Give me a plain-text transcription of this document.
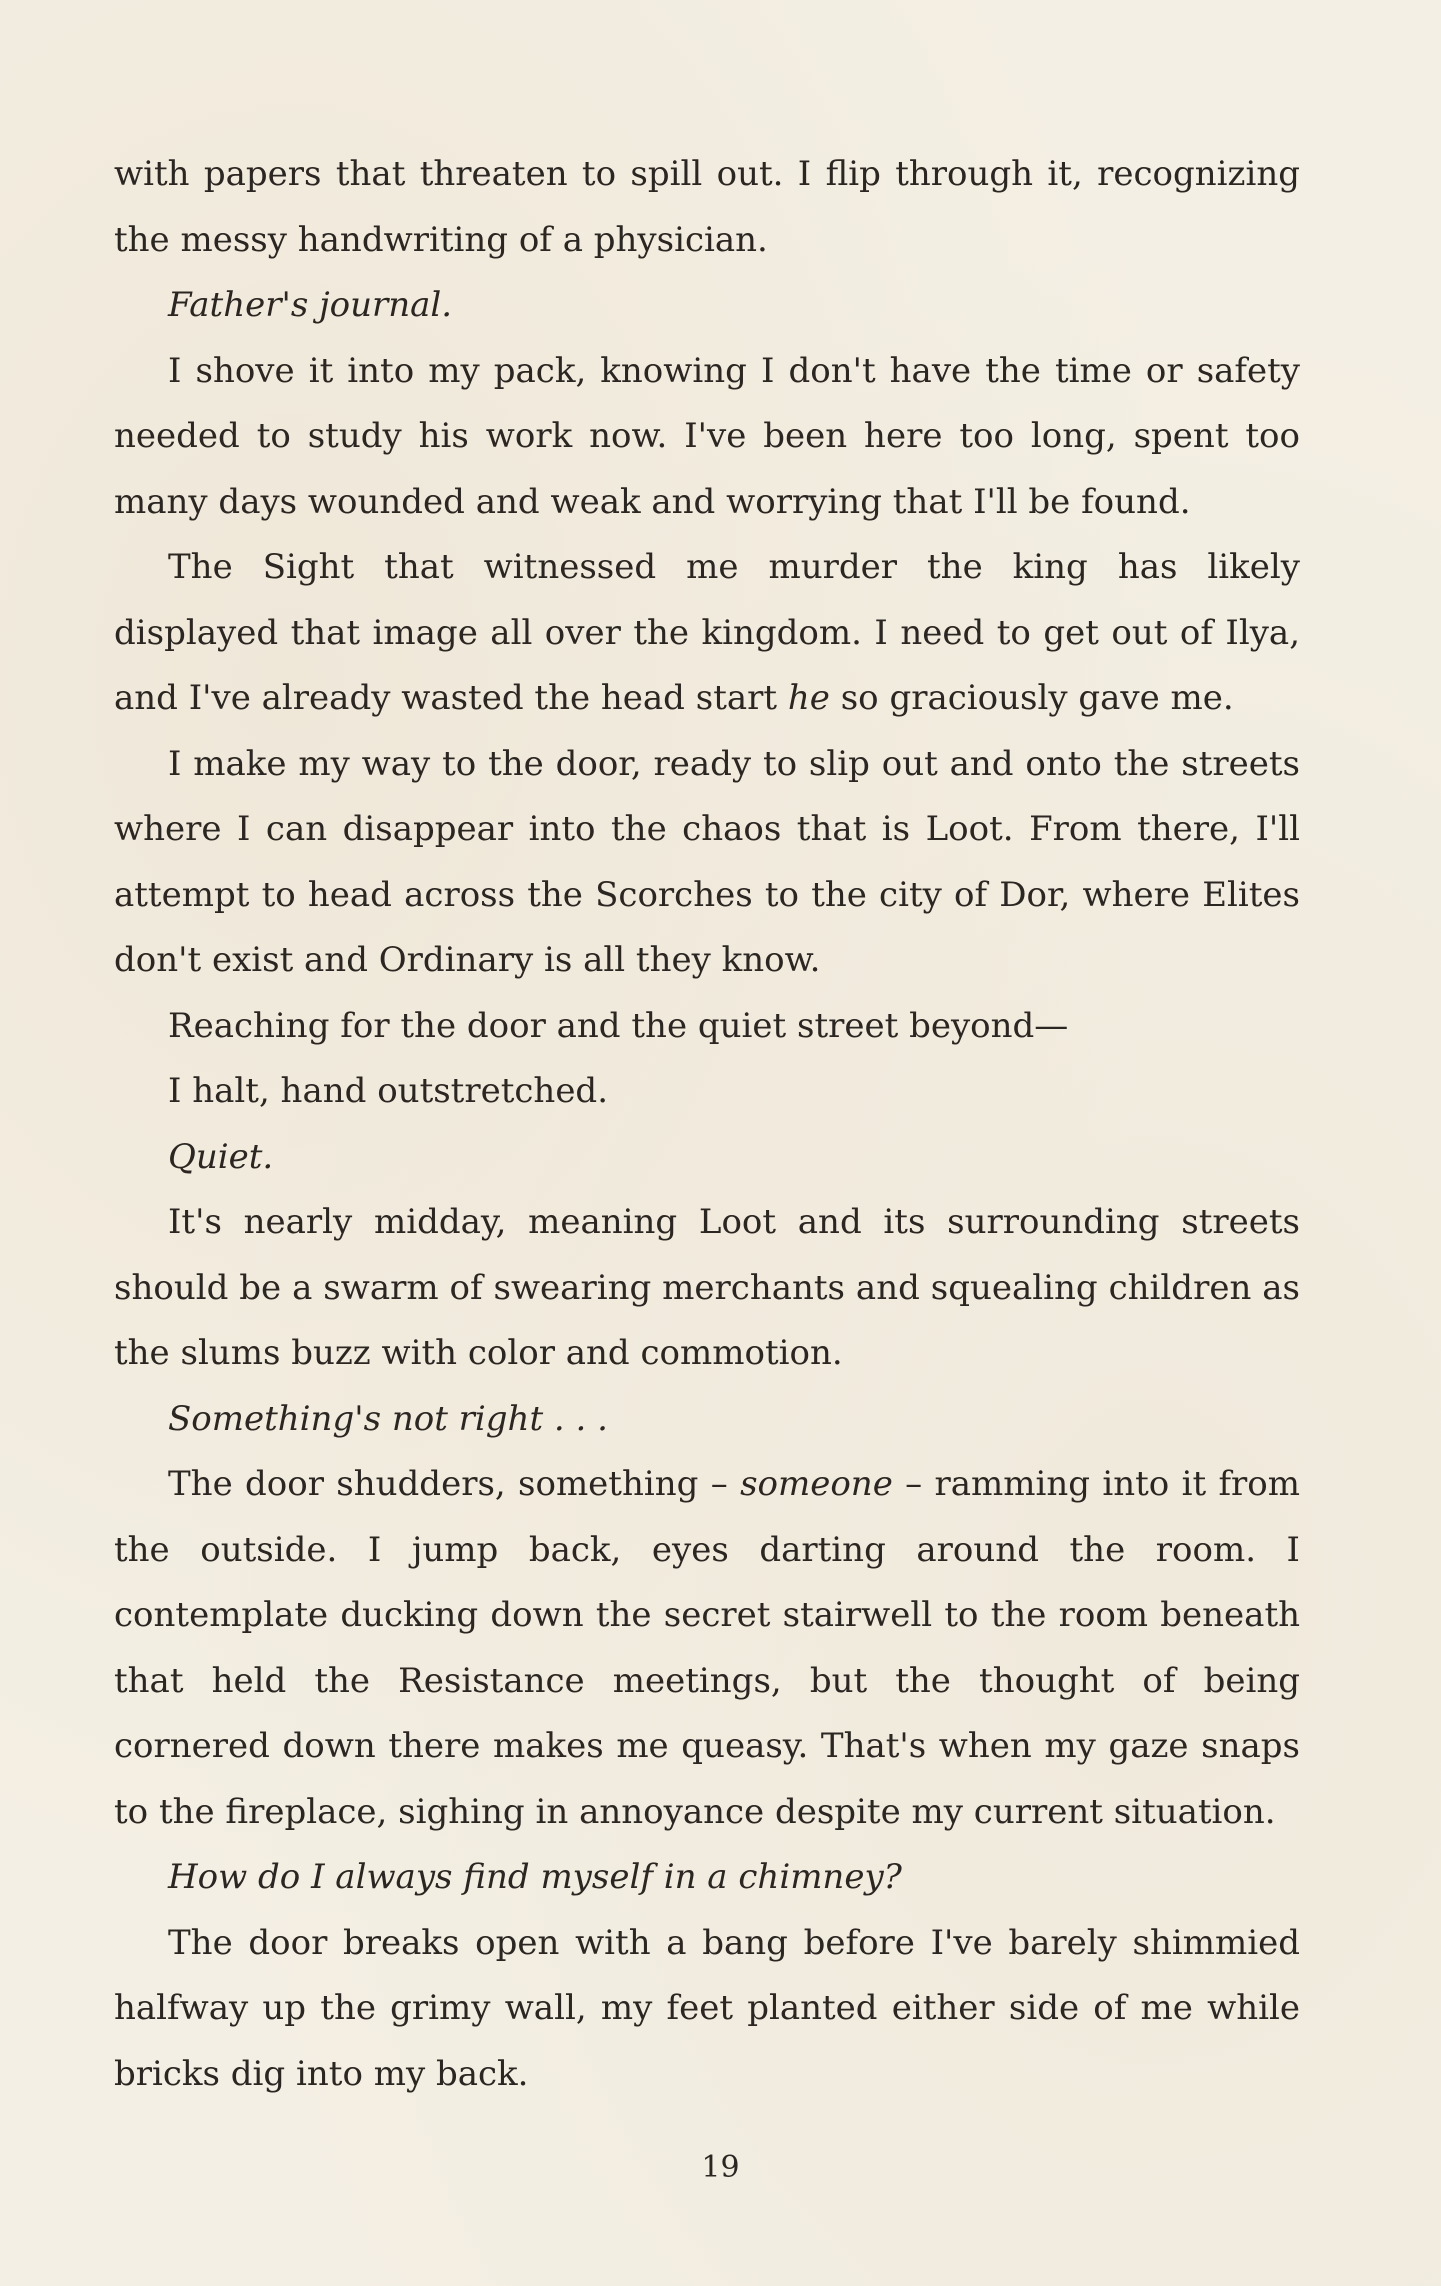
with papers that threaten to spill out. I flip through it, recognizing the messy handwriting of a physician.

Father's journal.

I shove it into my pack, knowing I don't have the time or safety needed to study his work now. I've been here too long, spent too many days wounded and weak and worrying that I'll be found.

The Sight that witnessed me murder the king has likely displayed that image all over the kingdom. I need to get out of Ilya, and I've already wasted the head start he so graciously gave me.

I make my way to the door, ready to slip out and onto the streets where I can disappear into the chaos that is Loot. From there, I'll attempt to head across the Scorches to the city of Dor, where Elites don't exist and Ordinary is all they know.

Reaching for the door and the quiet street beyond—

I halt, hand outstretched.

Quiet.

It's nearly midday, meaning Loot and its surrounding streets should be a swarm of swearing merchants and squealing children as the slums buzz with color and commotion.

Something's not right . . .

The door shudders, something – someone – ramming into it from the outside. I jump back, eyes darting around the room. I contemplate ducking down the secret stairwell to the room beneath that held the Resistance meetings, but the thought of being cornered down there makes me queasy. That's when my gaze snaps to the fireplace, sighing in annoyance despite my current situation.

How do I always find myself in a chimney?

The door breaks open with a bang before I've barely shimmied halfway up the grimy wall, my feet planted either side of me while bricks dig into my back.

19
